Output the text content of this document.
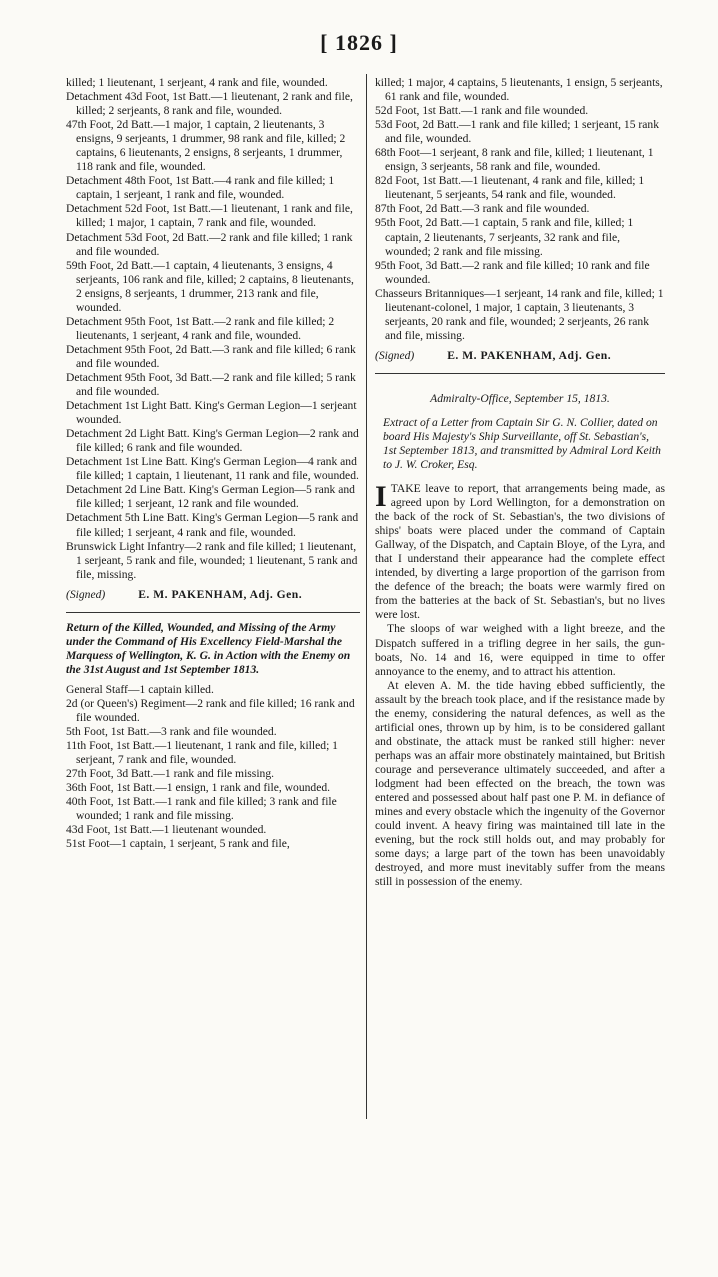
[ 1826 ]

killed; 1 lieutenant, 1 serjeant, 4 rank and file, wounded.

Detachment 43d Foot, 1st Batt.—1 lieutenant, 2 rank and file, killed; 2 serjeants, 8 rank and file, wounded.

47th Foot, 2d Batt.—1 major, 1 captain, 2 lieutenants, 3 ensigns, 9 serjeants, 1 drummer, 98 rank and file, killed; 2 captains, 6 lieutenants, 2 ensigns, 8 serjeants, 1 drummer, 118 rank and file, wounded.

Detachment 48th Foot, 1st Batt.—4 rank and file killed; 1 captain, 1 serjeant, 1 rank and file, wounded.

Detachment 52d Foot, 1st Batt.—1 lieutenant, 1 rank and file, killed; 1 major, 1 captain, 7 rank and file, wounded.

Detachment 53d Foot, 2d Batt.—2 rank and file killed; 1 rank and file wounded.

59th Foot, 2d Batt.—1 captain, 4 lieutenants, 3 ensigns, 4 serjeants, 106 rank and file, killed; 2 captains, 8 lieutenants, 2 ensigns, 8 serjeants, 1 drummer, 213 rank and file, wounded.

Detachment 95th Foot, 1st Batt.—2 rank and file killed; 2 lieutenants, 1 serjeant, 4 rank and file, wounded.

Detachment 95th Foot, 2d Batt.—3 rank and file killed; 6 rank and file wounded.

Detachment 95th Foot, 3d Batt.—2 rank and file killed; 5 rank and file wounded.

Detachment 1st Light Batt. King's German Legion—1 serjeant wounded.

Detachment 2d Light Batt. King's German Legion—2 rank and file killed; 6 rank and file wounded.

Detachment 1st Line Batt. King's German Legion—4 rank and file killed; 1 captain, 1 lieutenant, 11 rank and file, wounded.

Detachment 2d Line Batt. King's German Legion—5 rank and file killed; 1 serjeant, 12 rank and file wounded.

Detachment 5th Line Batt. King's German Legion—5 rank and file killed; 1 serjeant, 4 rank and file, wounded.

Brunswick Light Infantry—2 rank and file killed; 1 lieutenant, 1 serjeant, 5 rank and file, wounded; 1 lieutenant, 5 rank and file, missing.

(Signed)	E. M. PAKENHAM, Adj. Gen.

Return of the Killed, Wounded, and Missing of the Army under the Command of His Excellency Field-Marshal the Marquess of Wellington, K. G. in Action with the Enemy on the 31st August and 1st September 1813.

General Staff—1 captain killed.

2d (or Queen's) Regiment—2 rank and file killed; 16 rank and file wounded.

5th Foot, 1st Batt.—3 rank and file wounded.

11th Foot, 1st Batt.—1 lieutenant, 1 rank and file, killed; 1 serjeant, 7 rank and file, wounded.

27th Foot, 3d Batt.—1 rank and file missing.

36th Foot, 1st Batt.—1 ensign, 1 rank and file, wounded.

40th Foot, 1st Batt.—1 rank and file killed; 3 rank and file wounded; 1 rank and file missing.

43d Foot, 1st Batt.—1 lieutenant wounded.

51st Foot—1 captain, 1 serjeant, 5 rank and file,

killed; 1 major, 4 captains, 5 lieutenants, 1 ensign, 5 serjeants, 61 rank and file, wounded.

52d Foot, 1st Batt.—1 rank and file wounded.

53d Foot, 2d Batt.—1 rank and file killed; 1 serjeant, 15 rank and file, wounded.

68th Foot—1 serjeant, 8 rank and file, killed; 1 lieutenant, 1 ensign, 3 serjeants, 58 rank and file, wounded.

82d Foot, 1st Batt.—1 lieutenant, 4 rank and file, killed; 1 lieutenant, 5 serjeants, 54 rank and file, wounded.

87th Foot, 2d Batt.—3 rank and file wounded.

95th Foot, 2d Batt.—1 captain, 5 rank and file, killed; 1 captain, 2 lieutenants, 7 serjeants, 32 rank and file, wounded; 2 rank and file missing.

95th Foot, 3d Batt.—2 rank and file killed; 10 rank and file wounded.

Chasseurs Britanniques—1 serjeant, 14 rank and file, killed; 1 lieutenant-colonel, 1 major, 1 captain, 3 lieutenants, 3 serjeants, 20 rank and file, wounded; 2 serjeants, 26 rank and file, missing.

(Signed)	E. M. PAKENHAM, Adj. Gen.
Admiralty-Office, September 15, 1813.

Extract of a Letter from Captain Sir G. N. Collier, dated on board His Majesty's Ship Surveillante, off St. Sebastian's, 1st September 1813, and transmitted by Admiral Lord Keith to J. W. Croker, Esq.

ITAKE leave to report, that arrangements being made, as agreed upon by Lord Wellington, for a demonstration on the back of the rock of St. Sebastian's, the two divisions of ships' boats were placed under the command of Captain Gallway, of the Dispatch, and Captain Bloye, of the Lyra, and that I understand their appearance had the complete effect intended, by diverting a large proportion of the garrison from the defence of the breach; the boats were warmly fired on from the batteries at the back of St. Sebastian's, but no lives were lost.

The sloops of war weighed with a light breeze, and the Dispatch suffered in a trifling degree in her sails, the gun-boats, No. 14 and 16, were equipped in time to offer annoyance to the enemy, and to attract his attention.

At eleven A. M. the tide having ebbed sufficiently, the assault by the breach took place, and if the resistance made by the enemy, considering the natural defences, as well as the artificial ones, thrown up by him, is to be considered gallant and obstinate, the attack must be ranked still higher: never perhaps was an affair more obstinately maintained, but British courage and perseverance ultimately succeeded, and after a lodgment had been effected on the breach, the town was entered and possessed about half past one P. M. in defiance of mines and every obstacle which the ingenuity of the Governor could invent. A heavy firing was maintained till late in the evening, but the rock still holds out, and may probably for some days; a large part of the town has been unavoidably destroyed, and more must inevitably suffer from the means still in possession of the enemy.
